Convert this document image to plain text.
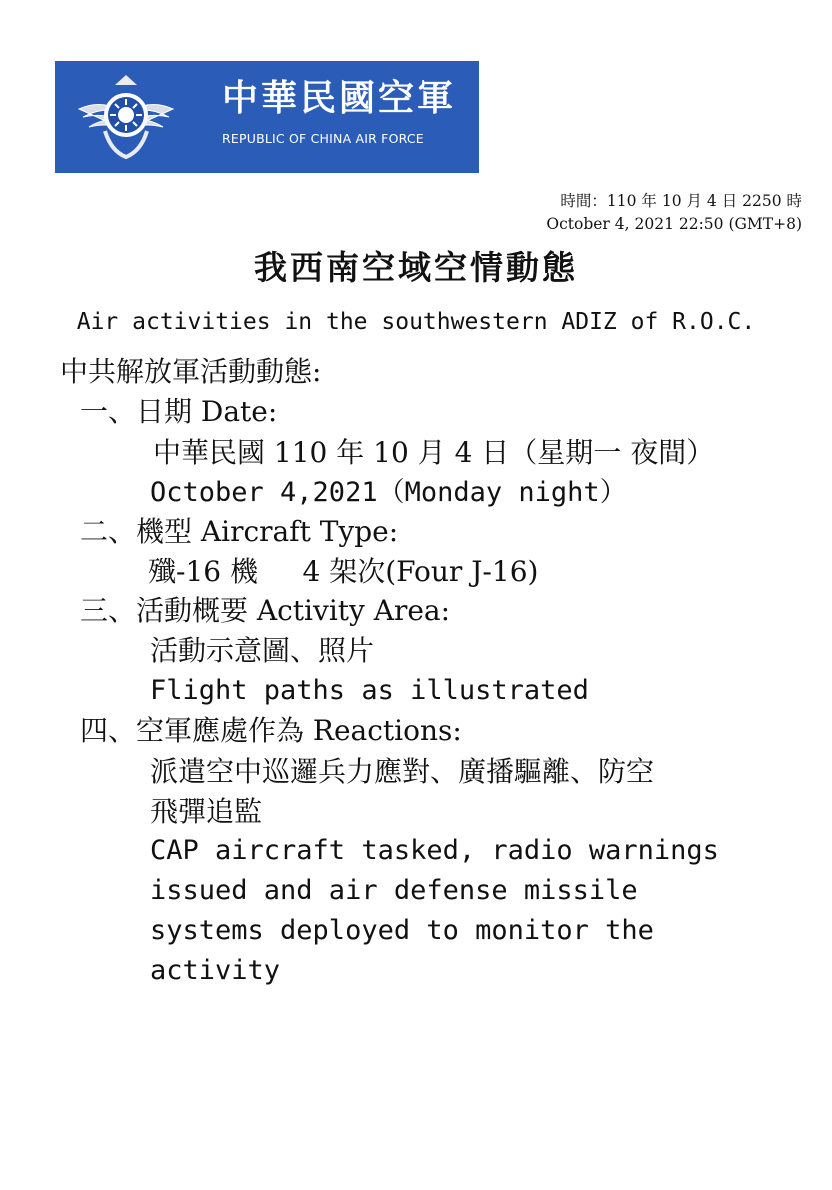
中華民國空軍
REPUBLIC OF CHINA AIR FORCE
時間：110 年 10 月 4 日 2250 時
October 4, 2021 22:50 (GMT+8)
我西南空域空情動態
Air activities in the southwestern ADIZ of R.O.C.
中共解放軍活動動態:
一、日期 Date:
中華民國 110 年 10 月 4 日（星期一 夜間）
October 4,2021（Monday night）
二、機型 Aircraft Type:
殲-16 機     4 架次(Four J-16)
三、活動概要 Activity Area:
活動示意圖、照片
Flight paths as illustrated
四、空軍應處作為 Reactions:
派遣空中巡邏兵力應對、廣播驅離、防空
飛彈追監
CAP aircraft tasked, radio warnings
issued and air defense missile
systems deployed to monitor the
activity
